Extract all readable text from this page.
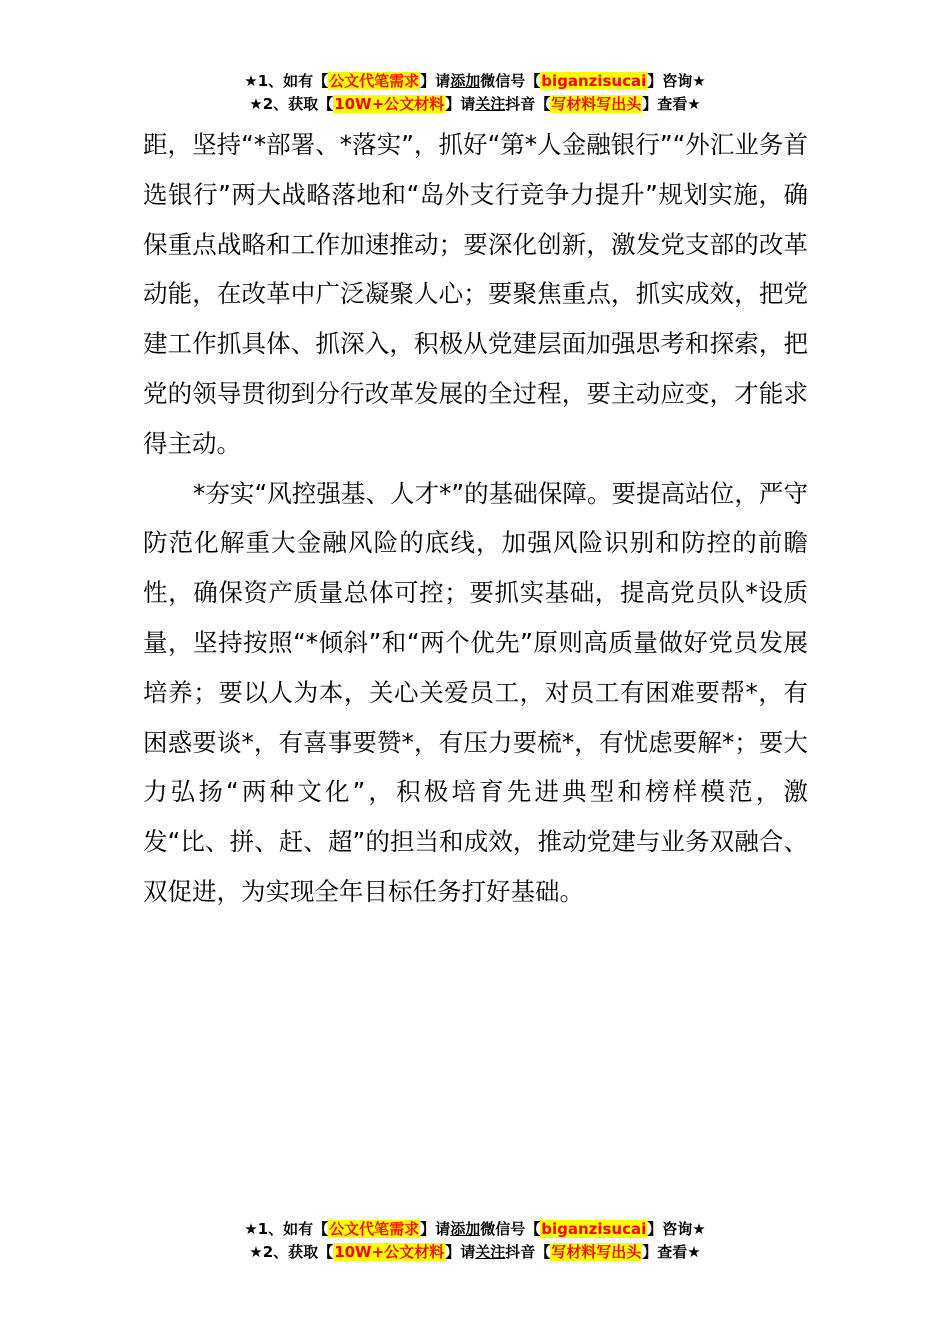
★1、如有【公文代笔需求】请添加微信号【biganzisucai】咨询★
★2、获取【10W+公文材料】请关注抖音【写材料写出头】查看★

距，坚持“*部署、*落实”，抓好“第*人金融银行”“外汇业务首选银行”两大战略落地和“岛外支行竞争力提升”规划实施，确保重点战略和工作加速推动；要深化创新，激发党支部的改革动能，在改革中广泛凝聚人心；要聚焦重点，抓实成效，把党建工作抓具体、抓深入，积极从党建层面加强思考和探索，把党的领导贯彻到分行改革发展的全过程，要主动应变，才能求得主动。

*夯实“风控强基、人才*”的基础保障。要提高站位，严守防范化解重大金融风险的底线，加强风险识别和防控的前瞻性，确保资产质量总体可控；要抓实基础，提高党员队*设质量，坚持按照“*倾斜”和“两个优先”原则高质量做好党员发展培养；要以人为本，关心关爱员工，对员工有困难要帮*，有困惑要谈*，有喜事要赞*，有压力要梳*，有忧虑要解*；要大力弘扬“两种文化”，积极培育先进典型和榜样模范，激发“比、拼、赶、超”的担当和成效，推动党建与业务双融合、双促进，为实现全年目标任务打好基础。

★1、如有【公文代笔需求】请添加微信号【biganzisucai】咨询★
★2、获取【10W+公文材料】请关注抖音【写材料写出头】查看★
